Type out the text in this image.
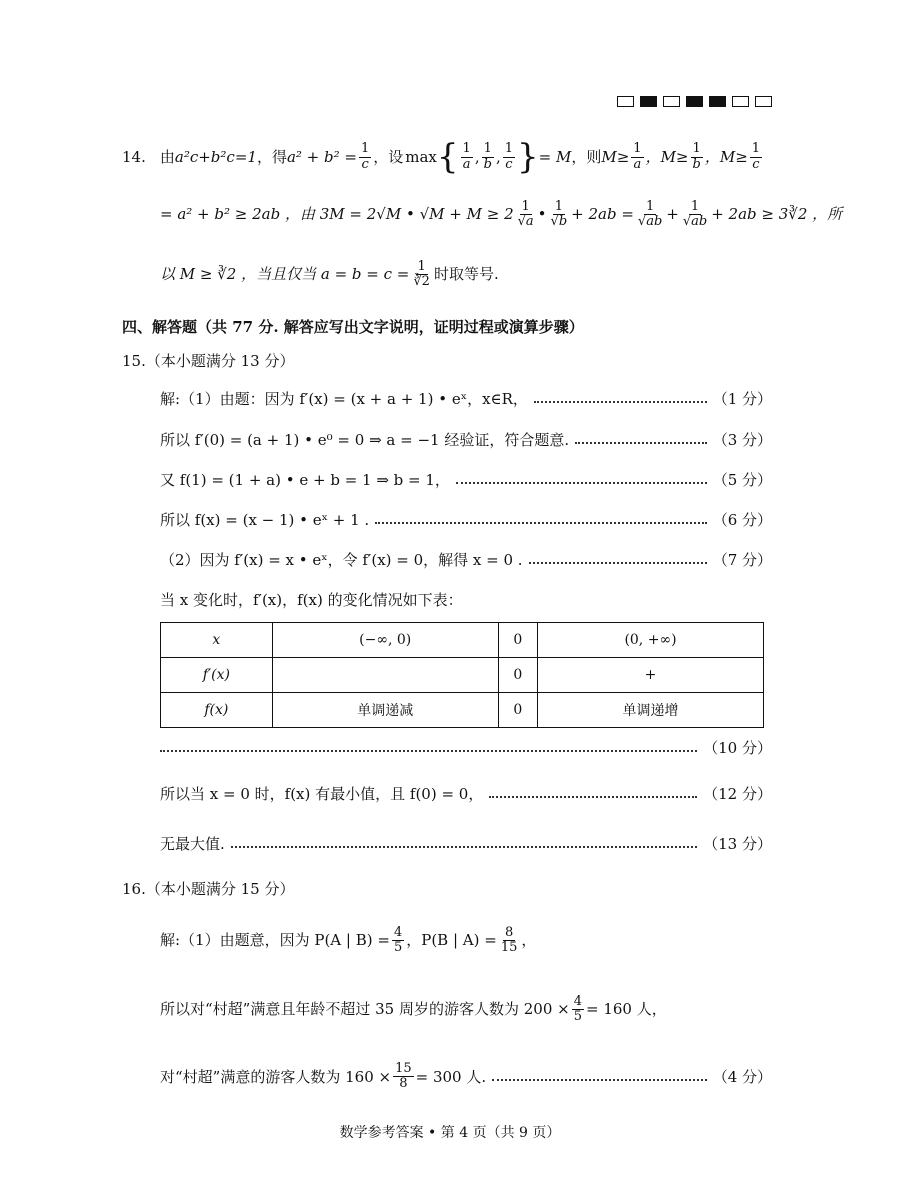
14. 由 a²c+b²c=1 ，得 $a^2 + b^2 = \frac{1}{c}$ ，设 max { $\frac{1}{a}$ , $\frac{1}{b}$ , $\frac{1}{c}$ } = M ，则 $M\ge \frac{1}{a}$ ，$M\ge \frac{1}{b}$ ，$M\ge \frac{1}{c}$
= a² + b² ≥ 2ab ，由 3M = 2√M • $√M + M \ge 2 \frac{1}{√a}$ • $\frac{1}{√b} + 2ab = \frac{1}{√ab} + \frac{1}{√ab} + 2ab$ ≥ 3∛2 ，所
以 M ≥ ∛2 ，当且仅当 $a = b = c = \frac{1}{∛2}$ 时取等号.
四、解答题（共 77 分. 解答应写出文字说明，证明过程或演算步骤）
15.（本小题满分 13 分）
解:（1）由题：因为 f′(x) = (x + a + 1) • eˣ，x∈R，	（1 分）
所以 f′(0) = (a + 1) • e⁰ = 0 ⇒ a = −1 经验证，符合题意.	（3 分）
又 f(1) = (1 + a) • e + b = 1 ⇒ b = 1，	（5 分）
所以 f(x) = (x − 1) • eˣ + 1 .	（6 分）
（2）因为 f′(x) = x • eˣ，令 f′(x) = 0，解得 x = 0 .	（7 分）
当 x 变化时，f′(x)，f(x) 的变化情况如下表：
x	(−∞, 0)	0	(0, +∞)
f′(x)		0	+
f(x)	单调递减	0	单调递增
（10 分）
所以当 x = 0 时，f(x) 有最小值，且 f(0) = 0，	（12 分）
无最大值.	（13 分）
16.（本小题满分 15 分）
解:（1）由题意，因为 P(A | $B) = \frac{4}{5}$ ，P(B | $A) = \frac{8}{15}$ ，
所以对“村超”满意且年龄不超过 35 周岁的游客人数为 $200 \times \frac{4}{5} = 160$ 人，
对“村超”满意的游客人数为 $160 \times \frac{15}{8} = 300$ 人.	（4 分）
数学参考答案 • 第 4 页（共 9 页）
